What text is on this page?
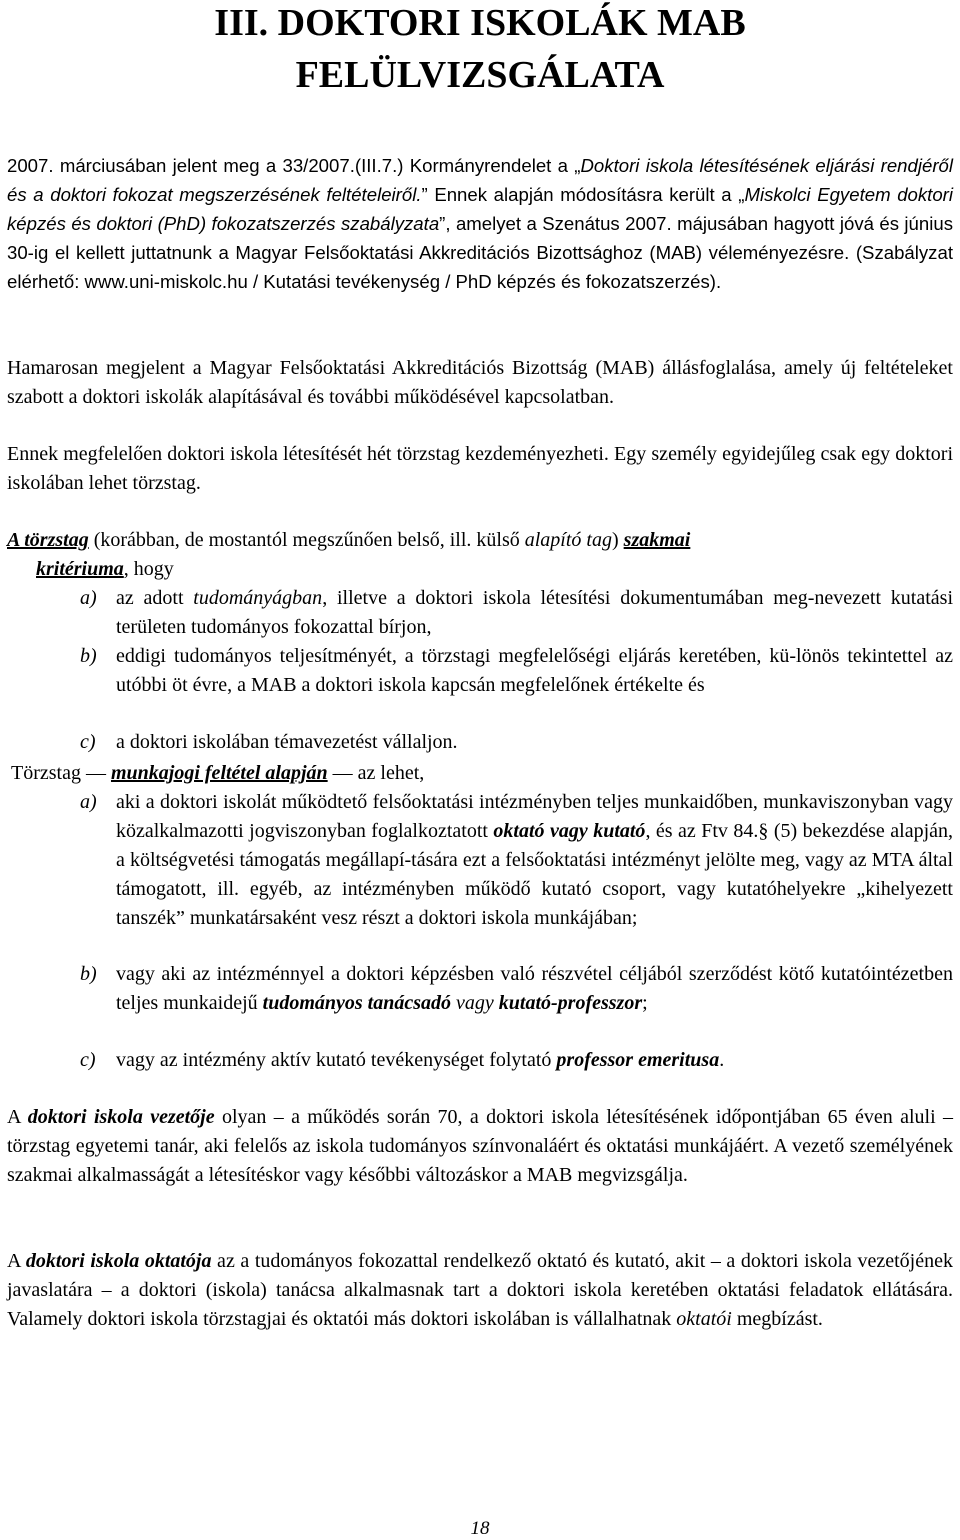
III. DOKTORI ISKOLÁK MAB
FELÜLVIZSGÁLATA

2007. márciusában jelent meg a 33/2007.(III.7.) Kormányrendelet a „Doktori iskola létesítésének eljárási rendjéről és a doktori fokozat megszerzésének feltételeiről.” Ennek alapján módosításra került a „Miskolci Egyetem doktori képzés és doktori (PhD) fokozatszerzés szabályzata”, amelyet a Szenátus 2007. májusában hagyott jóvá és június 30-ig el kellett juttatnunk a Magyar Felsőoktatási Akkreditációs Bizottsághoz (MAB) véleményezésre. (Szabályzat elérhető: www.uni-miskolc.hu / Kutatási tevékenység / PhD képzés és fokozatszerzés).

Hamarosan megjelent a Magyar Felsőoktatási Akkreditációs Bizottság (MAB) állásfoglalása, amely új feltételeket szabott a doktori iskolák alapításával és további működésével kapcsolatban.

Ennek megfelelően doktori iskola létesítését hét törzstag kezdeményezheti. Egy személy egyidejűleg csak egy doktori iskolában lehet törzstag.

A törzstag (korábban, de mostantól megszűnően belső, ill. külső alapító tag) szakmai
kritériuma, hogy
a) az adott tudományágban, illetve a doktori iskola létesítési dokumentumában meg-nevezett kutatási területen tudományos fokozattal bírjon,

b) eddigi tudományos teljesítményét, a törzstagi megfelelőségi eljárás keretében, kü-lönös tekintettel az utóbbi öt évre, a MAB a doktori iskola kapcsán megfelelőnek értékelte és

c) a doktori iskolában témavezetést vállaljon.

Törzstag — munkajogi feltétel alapján — az lehet,
a) aki a doktori iskolát működtető felsőoktatási intézményben teljes munkaidőben, munkaviszonyban vagy közalkalmazotti jogviszonyban foglalkoztatott oktató vagy kutató, és az Ftv 84.§ (5) bekezdése alapján, a költségvetési támogatás megállapí-tására ezt a felsőoktatási intézményt jelölte meg, vagy az MTA által támogatott, ill. egyéb, az intézményben működő kutató csoport, vagy kutatóhelyekre „kihelyezett tanszék” munkatársaként vesz részt a doktori iskola munkájában;

b) vagy aki az intézménnyel a doktori képzésben való részvétel céljából szerződést kötő kutatóintézetben teljes munkaidejű tudományos tanácsadó vagy kutató-professzor;

c) vagy az intézmény aktív kutató tevékenységet folytató professor emeritusa.

A doktori iskola vezetője olyan – a működés során 70, a doktori iskola létesítésének időpontjában 65 éven aluli – törzstag egyetemi tanár, aki felelős az iskola tudományos színvonaláért és oktatási munkájáért. A vezető személyének szakmai alkalmasságát a létesítéskor vagy későbbi változáskor a MAB megvizsgálja.

A doktori iskola oktatója az a tudományos fokozattal rendelkező oktató és kutató, akit – a doktori iskola vezetőjének javaslatára – a doktori (iskola) tanácsa alkalmasnak tart a doktori iskola keretében oktatási feladatok ellátására. Valamely doktori iskola törzstagjai és oktatói más doktori iskolában is vállalhatnak oktatói megbízást.

18
